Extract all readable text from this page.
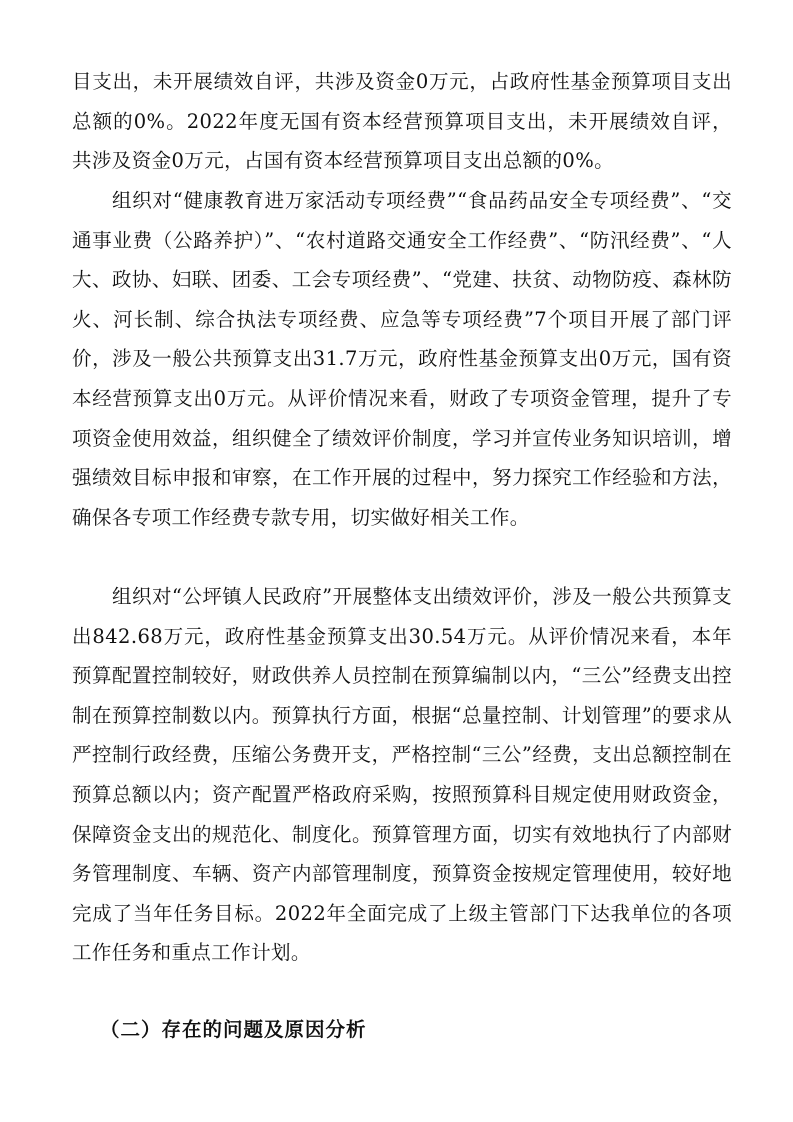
目支出，未开展绩效自评，共涉及资金0万元，占政府性基金预算项目支出总额的0%。2022年度无国有资本经营预算项目支出，未开展绩效自评，共涉及资金0万元，占国有资本经营预算项目支出总额的0%。

组织对“健康教育进万家活动专项经费”“食品药品安全专项经费”、“交通事业费（公路养护）”、“农村道路交通安全工作经费”、“防汛经费”、“人大、政协、妇联、团委、工会专项经费”、“党建、扶贫、动物防疫、森林防火、河长制、综合执法专项经费、应急等专项经费”7个项目开展了部门评价，涉及一般公共预算支出31.7万元，政府性基金预算支出0万元，国有资本经营预算支出0万元。从评价情况来看，财政了专项资金管理，提升了专项资金使用效益，组织健全了绩效评价制度，学习并宣传业务知识培训，增强绩效目标申报和审察，在工作开展的过程中，努力探究工作经验和方法，确保各专项工作经费专款专用，切实做好相关工作。

组织对“公坪镇人民政府”开展整体支出绩效评价，涉及一般公共预算支出842.68万元，政府性基金预算支出30.54万元。从评价情况来看，本年预算配置控制较好，财政供养人员控制在预算编制以内，“三公”经费支出控制在预算控制数以内。预算执行方面，根据“总量控制、计划管理”的要求从严控制行政经费，压缩公务费开支，严格控制“三公”经费，支出总额控制在预算总额以内；资产配置严格政府采购，按照预算科目规定使用财政资金，保障资金支出的规范化、制度化。预算管理方面，切实有效地执行了内部财务管理制度、车辆、资产内部管理制度，预算资金按规定管理使用，较好地完成了当年任务目标。2022年全面完成了上级主管部门下达我单位的各项工作任务和重点工作计划。

（二）存在的问题及原因分析
